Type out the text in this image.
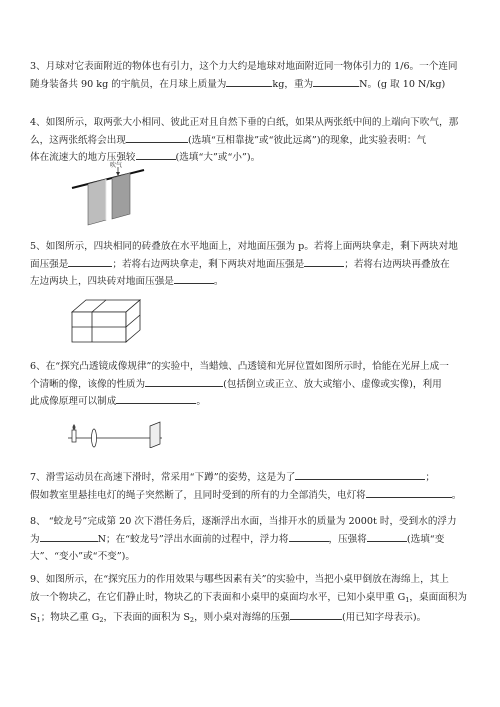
3、月球对它表面附近的物体也有引力，这个力大约是地球对地面附近同一物体引力的 1/6。一个连同
随身装备共 90 kg 的宇航员，在月球上质量为	kg，重为	N。(g 取 10 N/kg)
4、如图所示，取两张大小相同、彼此正对且自然下垂的白纸，如果从两张纸中间的上端向下吹气，那
么，这两张纸将会出现	(选填“互相靠拢”或“彼此远离”)的现象，此实验表明：气
体在流速大的地方压强较	(选填“大”或“小”)。
吹气
5、如图所示，四块相同的砖叠放在水平地面上，对地面压强为 p。若将上面两块拿走，剩下两块对地
面压强是	；若将右边两块拿走，剩下两块对地面压强是	；若将右边两块再叠放在
左边两块上，四块砖对地面压强是	。
6、在“探究凸透镜成像规律”的实验中，当蜡烛、凸透镜和光屏位置如图所示时，恰能在光屏上成一
个清晰的像，该像的性质为	(包括倒立或正立、放大或缩小、虚像或实像)，利用
此成像原理可以制成	。
7、滑雪运动员在高速下滑时，常采用“下蹲”的姿势，这是为了	；
假如教室里悬挂电灯的绳子突然断了，且同时受到的所有的力全部消失，电灯将	。
8、 “蛟龙号”完成第 20 次下潜任务后，逐渐浮出水面，当排开水的质量为 2000t 时，受到水的浮力
为	N；在“蛟龙号”浮出水面前的过程中，浮力将	，压强将	(选填“变
大”、“变小”或“不变”)。
9、如图所示，在“探究压力的作用效果与哪些因素有关”的实验中，当把小桌甲倒放在海绵上，其上
放一个物块乙，在它们静止时，物块乙的下表面和小桌甲的桌面均水平，已知小桌甲重 $G_1$，桌面面积为
$S_1$；物块乙重 $G_2$，下表面的面积为 $S_2$，则小桌对海绵的压强	(用已知字母表示)。
